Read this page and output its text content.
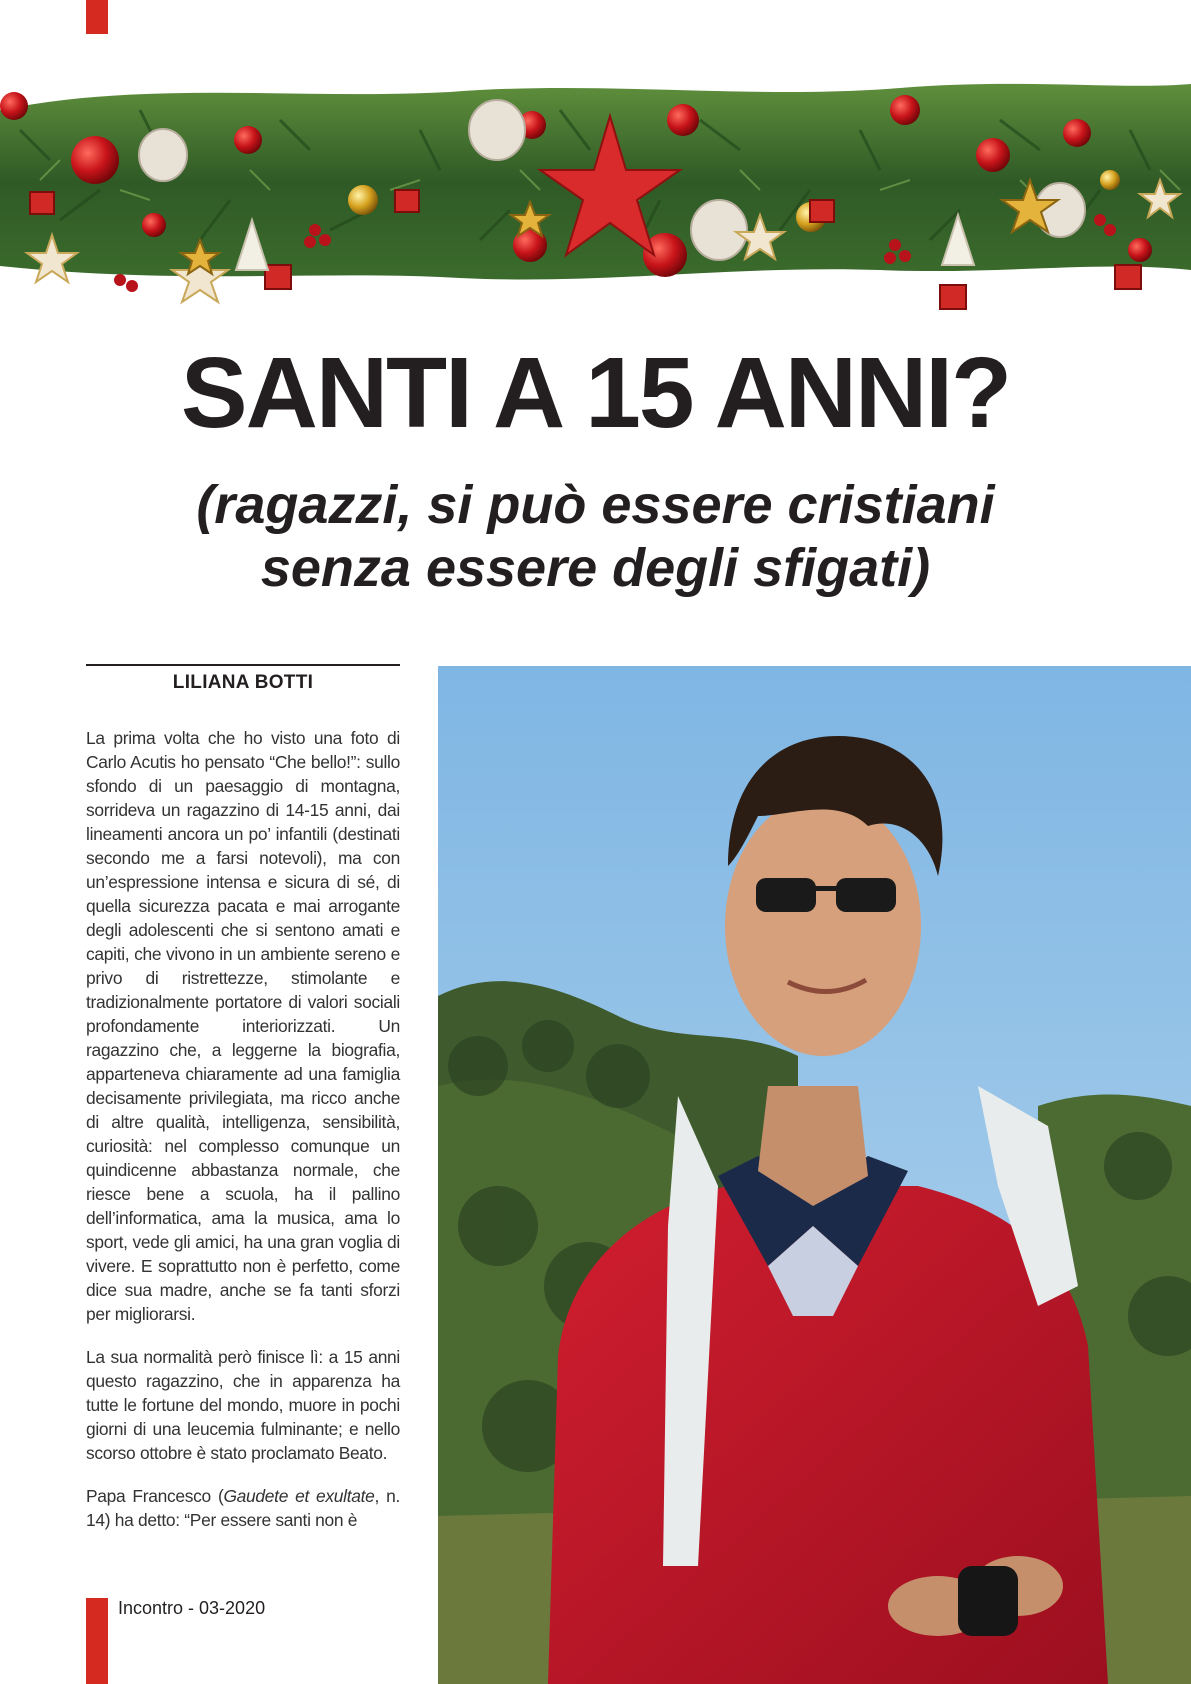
SANTI A 15 ANNI?
(ragazzi, si può essere cristiani
senza essere degli sfigati)
LILIANA BOTTI

La prima volta che ho visto una foto di Carlo Acutis ho pensato “Che bello!”: sullo sfondo di un paesaggio di montagna, sorrideva un ragazzino di 14-15 anni, dai lineamenti ancora un po’ infantili (destinati secondo me a farsi notevoli), ma con un’espressione intensa e sicura di sé, di quella sicurezza pacata e mai arrogante degli adolescenti che si sentono amati e capiti, che vivono in un ambiente sereno e privo di ristrettezze, stimolante e tradizionalmente portatore di valori sociali profondamente interiorizzati. Un ragazzino che, a leggerne la biografia, apparteneva chiaramente ad una famiglia decisamente privilegiata, ma ricco anche di altre qualità, intelligenza, sensibilità, curiosità: nel complesso comunque un quindicenne abbastanza normale, che riesce bene a scuola, ha il pallino dell’informatica, ama la musica, ama lo sport, vede gli amici, ha una gran voglia di vivere. E soprattutto non è perfetto, come dice sua madre, anche se fa tanti sforzi per migliorarsi.

La sua normalità però finisce lì: a 15 anni questo ragazzino, che in apparenza ha tutte le fortune del mondo, muore in pochi giorni di una leucemia fulminante; e nello scorso ottobre è stato proclamato Beato.

Papa Francesco (Gaudete et exultate, n. 14) ha detto: “Per essere santi non è

Incontro - 03-2020
